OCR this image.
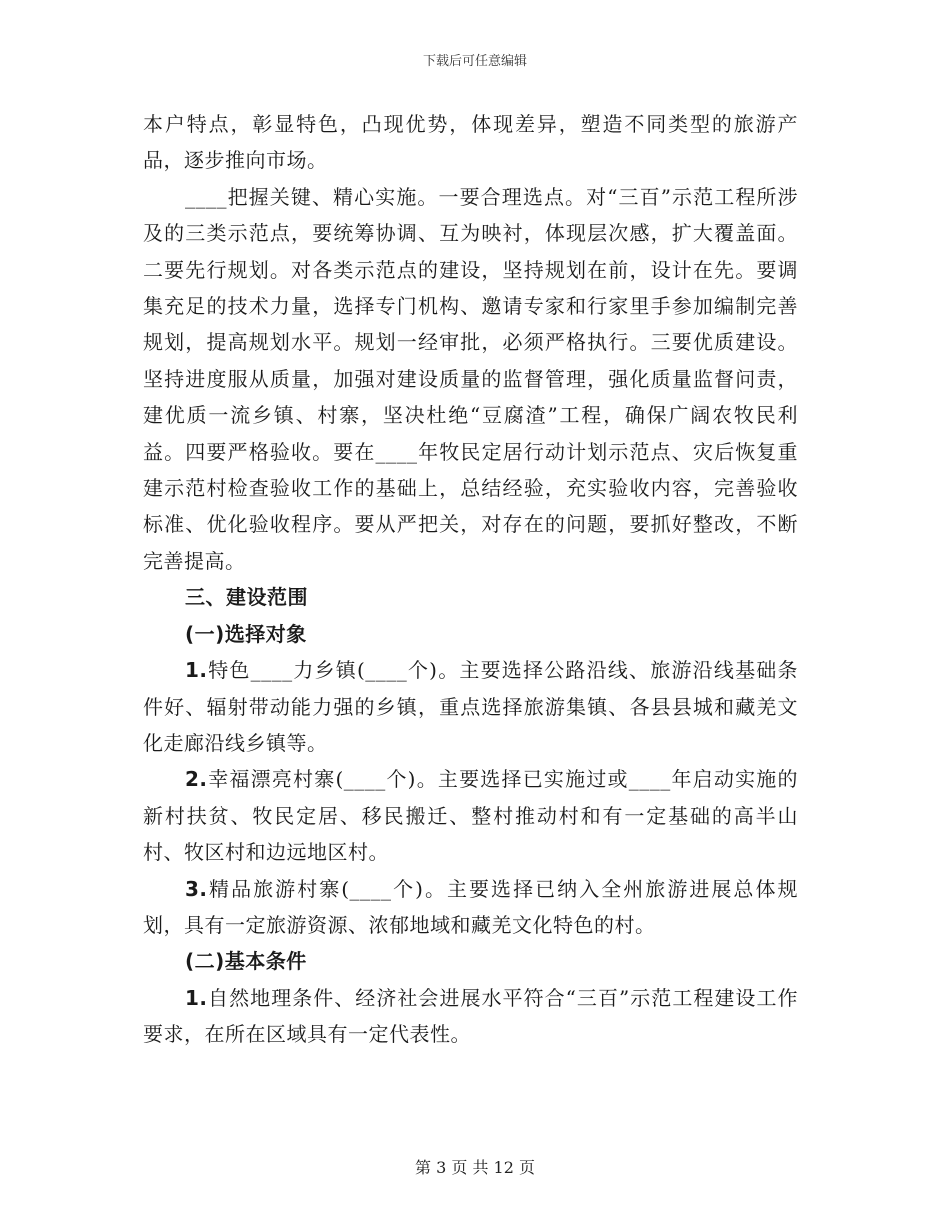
下载后可任意编辑

本户特点，彰显特色，凸现优势，体现差异，塑造不同类型的旅游产品，逐步推向市场。

____把握关键、精心实施。一要合理选点。对“三百”示范工程所涉及的三类示范点，要统筹协调、互为映衬，体现层次感，扩大覆盖面。二要先行规划。对各类示范点的建设，坚持规划在前，设计在先。要调集充足的技术力量，选择专门机构、邀请专家和行家里手参加编制完善规划，提高规划水平。规划一经审批，必须严格执行。三要优质建设。坚持进度服从质量，加强对建设质量的监督管理，强化质量监督问责，建优质一流乡镇、村寨，坚决杜绝“豆腐渣”工程，确保广阔农牧民利益。四要严格验收。要在____年牧民定居行动计划示范点、灾后恢复重建示范村检查验收工作的基础上，总结经验，充实验收内容，完善验收标准、优化验收程序。要从严把关，对存在的问题，要抓好整改，不断完善提高。

三、建设范围

(一)选择对象

1.特色____力乡镇(____个)。主要选择公路沿线、旅游沿线基础条件好、辐射带动能力强的乡镇，重点选择旅游集镇、各县县城和藏羌文化走廊沿线乡镇等。

2.幸福漂亮村寨(____个)。主要选择已实施过或____年启动实施的新村扶贫、牧民定居、移民搬迁、整村推动村和有一定基础的高半山村、牧区村和边远地区村。

3.精品旅游村寨(____个)。主要选择已纳入全州旅游进展总体规划，具有一定旅游资源、浓郁地域和藏羌文化特色的村。

(二)基本条件

1.自然地理条件、经济社会进展水平符合“三百”示范工程建设工作要求，在所在区域具有一定代表性。

第 3 页 共 12 页
